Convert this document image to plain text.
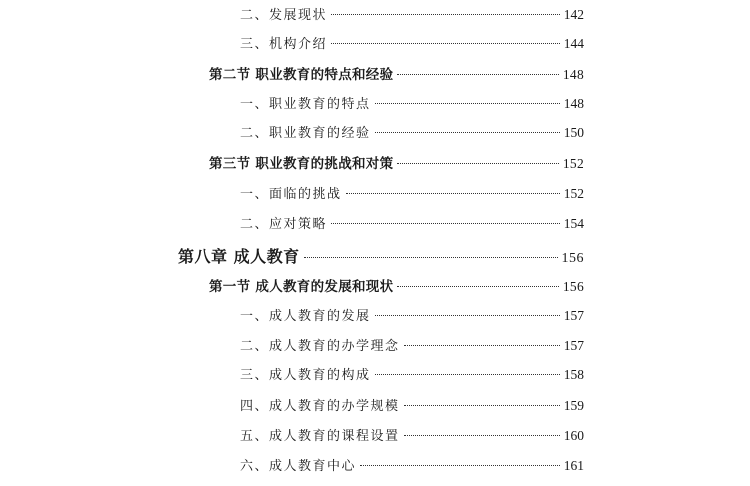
二、发展现状	142
三、机构介绍	144
第二节 职业教育的特点和经验	148
一、职业教育的特点	148
二、职业教育的经验	150
第三节 职业教育的挑战和对策	152
一、面临的挑战	152
二、应对策略	154
第八章 成人教育	156
第一节 成人教育的发展和现状	156
一、成人教育的发展	157
二、成人教育的办学理念	157
三、成人教育的构成	158
四、成人教育的办学规模	159
五、成人教育的课程设置	160
六、成人教育中心	161
